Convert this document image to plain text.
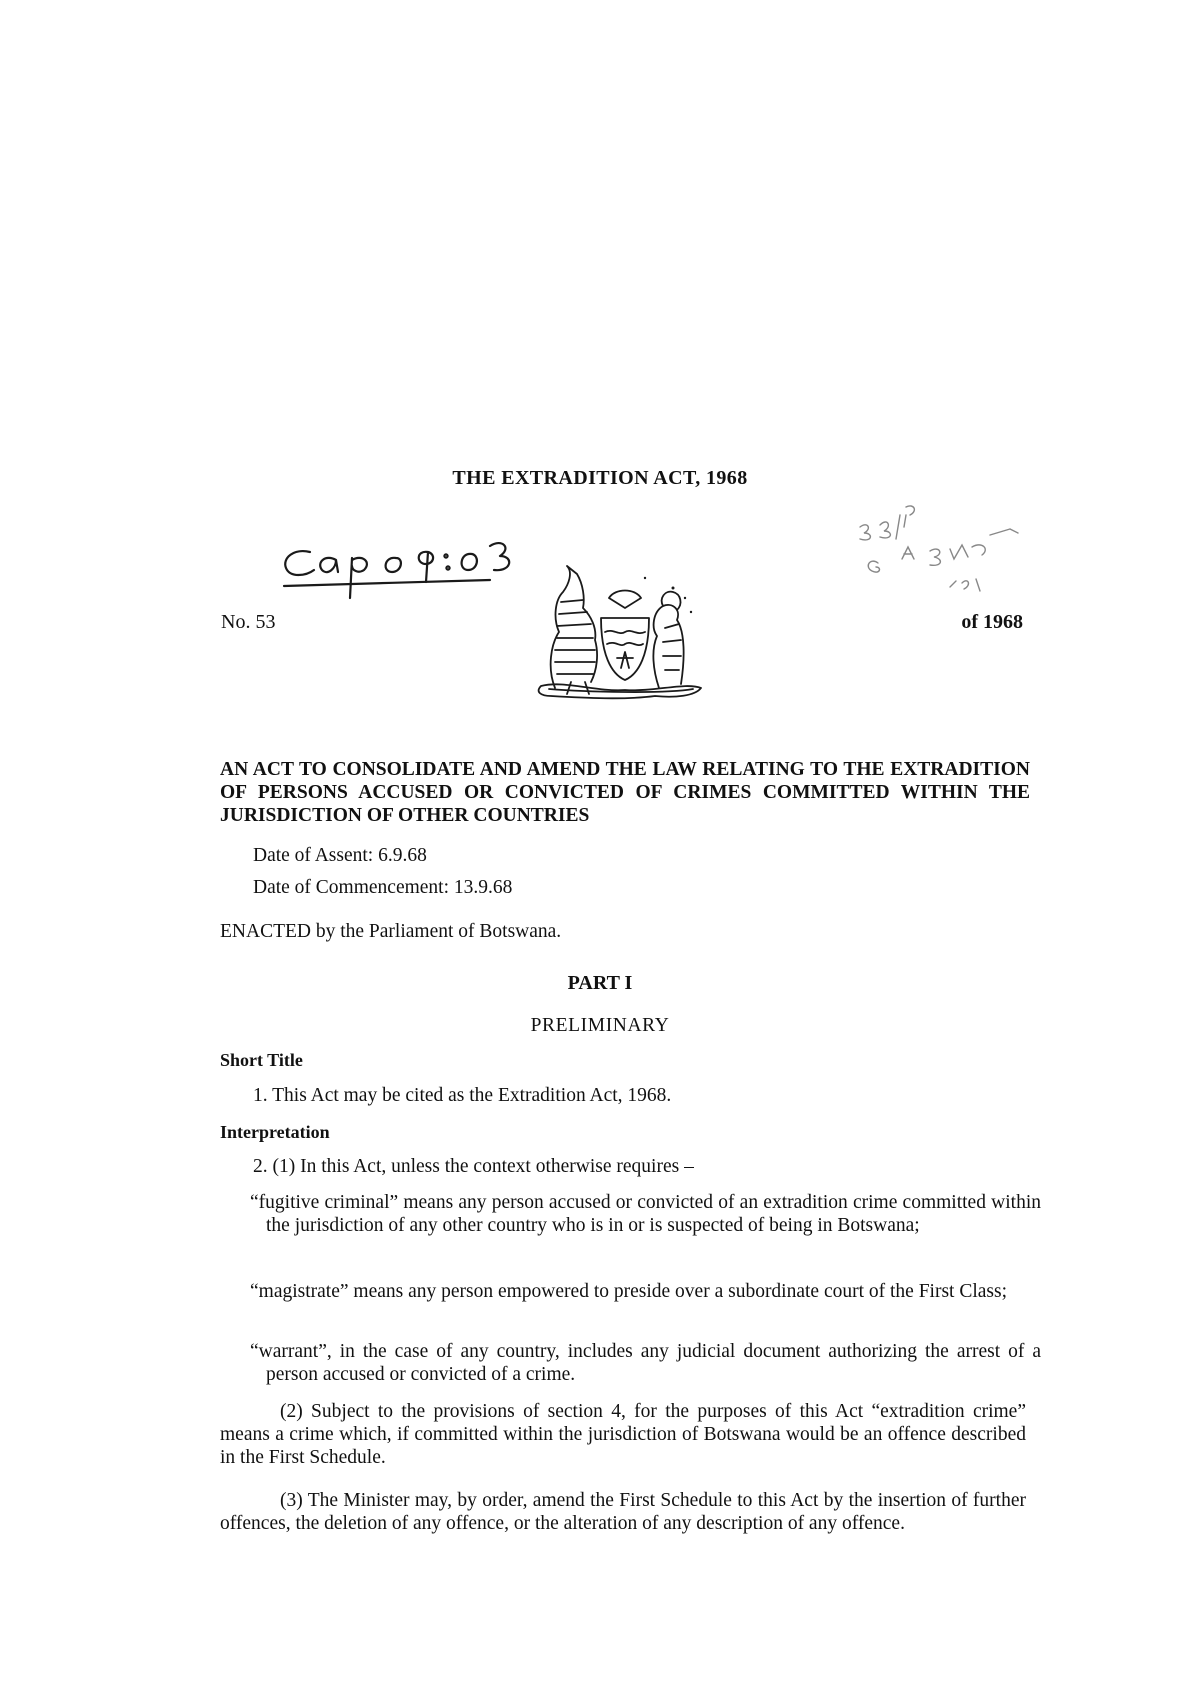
THE EXTRADITION ACT, 1968
No. 53	of 1968
AN ACT TO CONSOLIDATE AND AMEND THE LAW RELATING TO THE EXTRADITION OF PERSONS ACCUSED OR CONVICTED OF CRIMES COMMITTED WITHIN THE JURISDICTION OF OTHER COUNTRIES
Date of Assent: 6.9.68
Date of Commencement: 13.9.68
ENACTED by the Parliament of Botswana.
PART I
PRELIMINARY
Short Title
1. This Act may be cited as the Extradition Act, 1968.
Interpretation
2. (1) In this Act, unless the context otherwise requires –
“fugitive criminal” means any person accused or convicted of an extradition crime committed within the jurisdiction of any other country who is in or is suspected of being in Botswana;
“magistrate” means any person empowered to preside over a subordinate court of the First Class;
“warrant”, in the case of any country, includes any judicial document authorizing the arrest of a person accused or convicted of a crime.
(2) Subject to the provisions of section 4, for the purposes of this Act “extradition crime” means a crime which, if committed within the jurisdiction of Botswana would be an offence described in the First Schedule.
(3) The Minister may, by order, amend the First Schedule to this Act by the insertion of further offences, the deletion of any offence, or the alteration of any description of any offence.
